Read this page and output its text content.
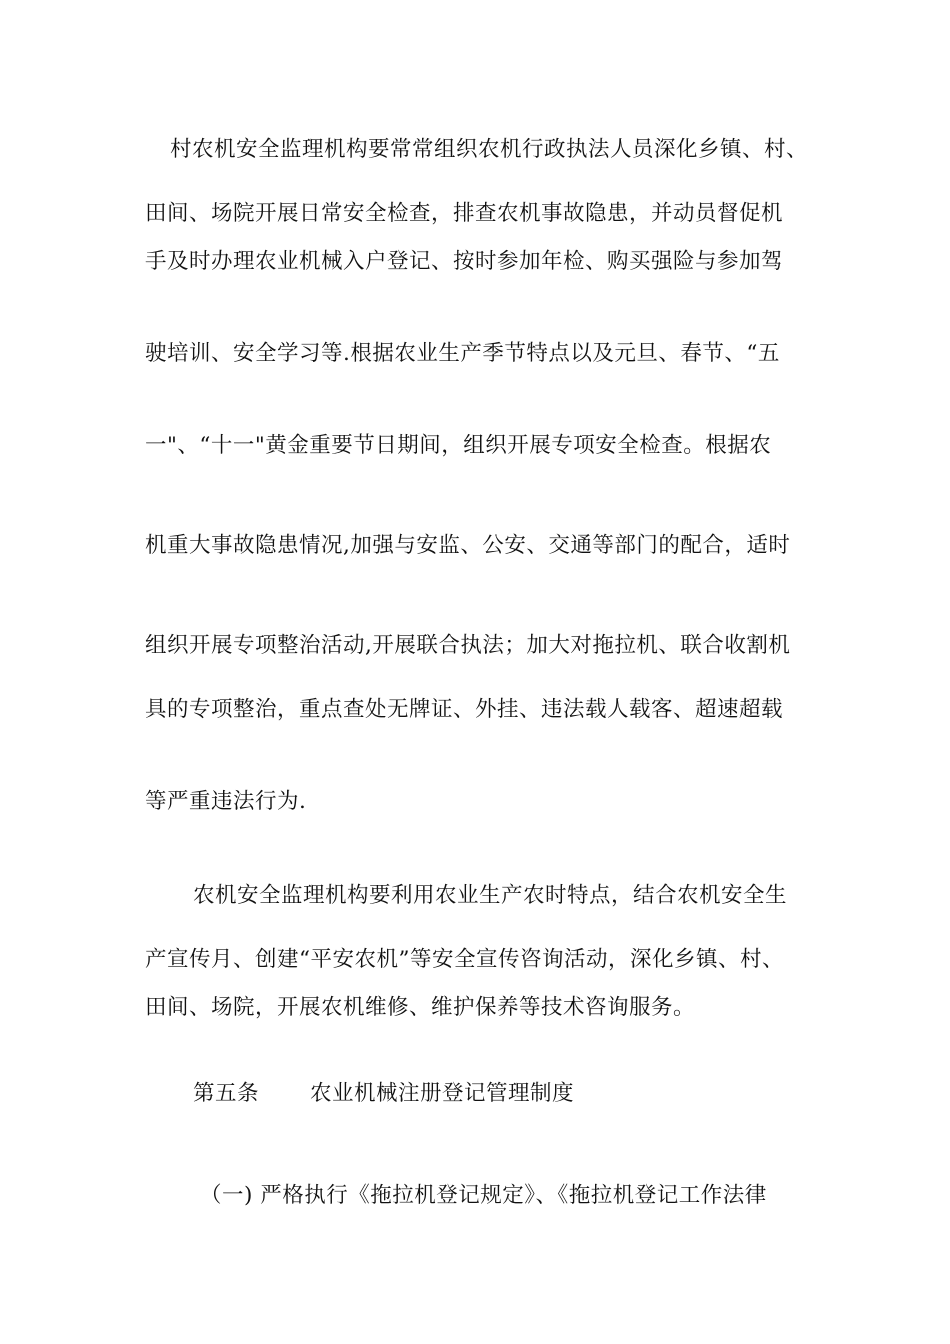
村农机安全监理机构要常常组织农机行政执法人员深化乡镇、村、
田间、场院开展日常安全检查，排查农机事故隐患，并动员督促机
手及时办理农业机械入户登记、按时参加年检、购买强险与参加驾
驶培训、安全学习等.根据农业生产季节特点以及元旦、春节、“五
一"、“十一"黄金重要节日期间，组织开展专项安全检查。根据农
机重大事故隐患情况,加强与安监、公安、交通等部门的配合，适时
组织开展专项整治活动,开展联合执法；加大对拖拉机、联合收割机
具的专项整治，重点查处无牌证、外挂、违法载人载客、超速超载
等严重违法行为.
农机安全监理机构要利用农业生产农时特点，结合农机安全生
产宣传月、创建“平安农机”等安全宣传咨询活动，深化乡镇、村、
田间、场院，开展农机维修、维护保养等技术咨询服务。
第五条 农业机械注册登记管理制度
（一) 严格执行《拖拉机登记规定》、《拖拉机登记工作法律
